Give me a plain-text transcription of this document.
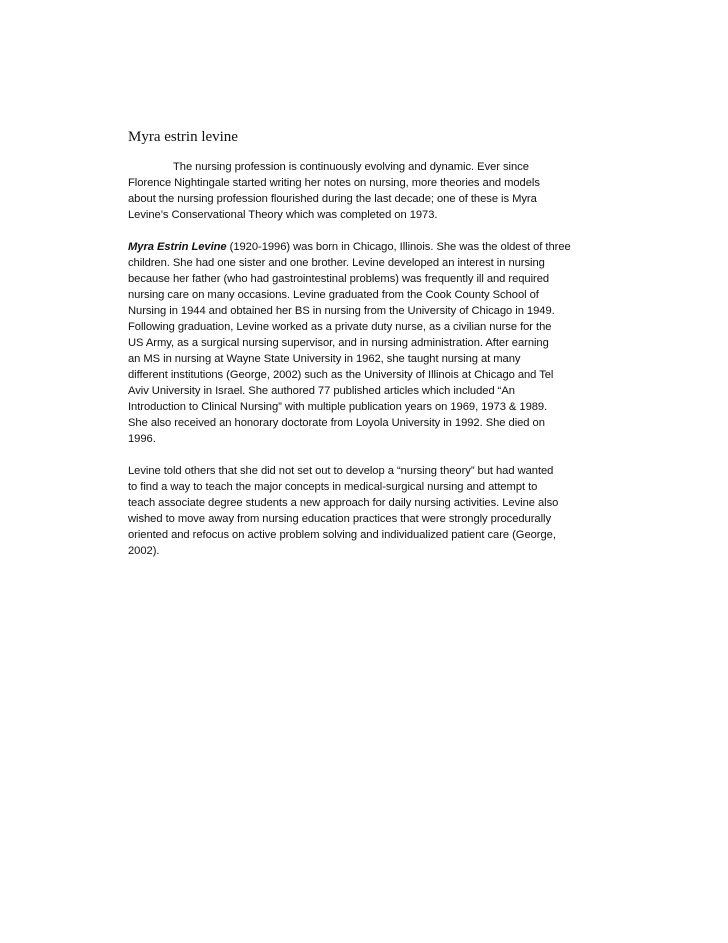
Myra estrin levine

The nursing profession is continuously evolving and dynamic. Ever since
Florence Nightingale started writing her notes on nursing, more theories and models
about the nursing profession flourished during the last decade; one of these is Myra
Levine’s Conservational Theory which was completed on 1973.

Myra Estrin Levine (1920-1996) was born in Chicago, Illinois. She was the oldest of three
children. She had one sister and one brother. Levine developed an interest in nursing
because her father (who had gastrointestinal problems) was frequently ill and required
nursing care on many occasions. Levine graduated from the Cook County School of
Nursing in 1944 and obtained her BS in nursing from the University of Chicago in 1949.
Following graduation, Levine worked as a private duty nurse, as a civilian nurse for the
US Army, as a surgical nursing supervisor, and in nursing administration. After earning
an MS in nursing at Wayne State University in 1962, she taught nursing at many
different institutions (George, 2002) such as the University of Illinois at Chicago and Tel
Aviv University in Israel. She authored 77 published articles which included “An
Introduction to Clinical Nursing” with multiple publication years on 1969, 1973 & 1989.
She also received an honorary doctorate from Loyola University in 1992. She died on
1996.

Levine told others that she did not set out to develop a “nursing theory” but had wanted
to find a way to teach the major concepts in medical-surgical nursing and attempt to
teach associate degree students a new approach for daily nursing activities. Levine also
wished to move away from nursing education practices that were strongly procedurally
oriented and refocus on active problem solving and individualized patient care (George,
2002).
